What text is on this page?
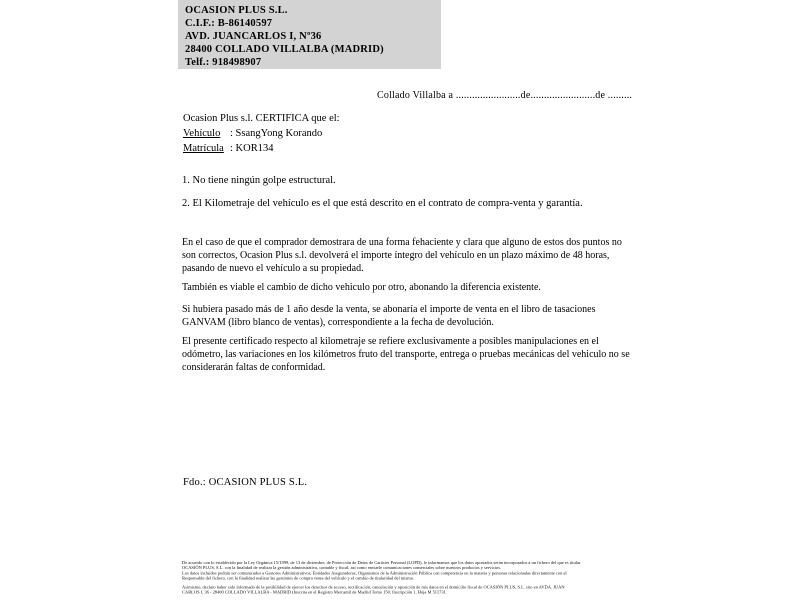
OCASION PLUS S.L.
C.I.F.: B-86140597
AVD. JUANCARLOS I, Nº36
28400 COLLADO VILLALBA (MADRID)
Telf.: 918498907
Collado Villalba a ........................de........................de .........
Ocasion Plus s.l. CERTIFICA que el:
Vehículo : SsangYong Korando
Matrícula : KOR134
1. No tiene ningún golpe estructural.
2. El Kilometraje del vehículo es el que está descrito en el contrato de compra-venta y garantía.

En el caso de que el comprador demostrara de una forma fehaciente y clara que alguno de estos dos puntos no son correctos, Ocasion Plus s.l. devolverá el importe íntegro del vehículo en un plazo máximo de 48 horas, pasando de nuevo el vehículo a su propiedad.

También es viable el cambio de dicho vehiculo por otro, abonando la diferencia existente.

Si hubiera pasado más de 1 año desde la venta, se abonaría el importe de venta en el libro de tasaciones GANVAM (libro blanco de ventas), correspondiente a la fecha de devolución.

El presente certificado respecto al kilometraje se refiere exclusivamente a posibles manipulaciones en el odómetro, las variaciones en los kilómetros fruto del transporte, entrega o pruebas mecánicas del vehiculo no se considerarán faltas de conformidad.

Fdo.: OCASION PLUS S.L.
De acuerdo con lo establecido por la Ley Orgánica 15/1999, de 13 de diciembre, de Protección de Datos de Carácter Personal (LOPD), le informamos que los datos aportados serán incorporados a un fichero del que es titular
OCASIÓN PLUS, S.L. con la finalidad de realizar la gestión administrativa, contable y fiscal, así como enviarle comunicaciones comerciales sobre nuestros productos y servicios.
Los datos incluidos podrán ser comunicados a Gestores Administrativos, Entidades Aseguradoras, Organismos de la Administración Pública con competencia en la materia y personas relacionadas directamente con el
Responsable del fichero, con la finalidad realizar las gestiones de compra venta del vehículo y el cambio de titularidad del mismo.
Asimismo, declaro haber sido informado de la posibilidad de ejercer los derechos de acceso, rectificación, cancelación y oposición de mis datos en el domicilio fiscal de OCASIÓN PLUS, S.L. sito en AVDA. JUAN
CARLOS I, 36 - 28400 COLLADO VILLALBA - MADRID (Inscrita en el Registro Mercantil de Madrid Tomo 150, Inscripción 1, Hoja M 511731.
